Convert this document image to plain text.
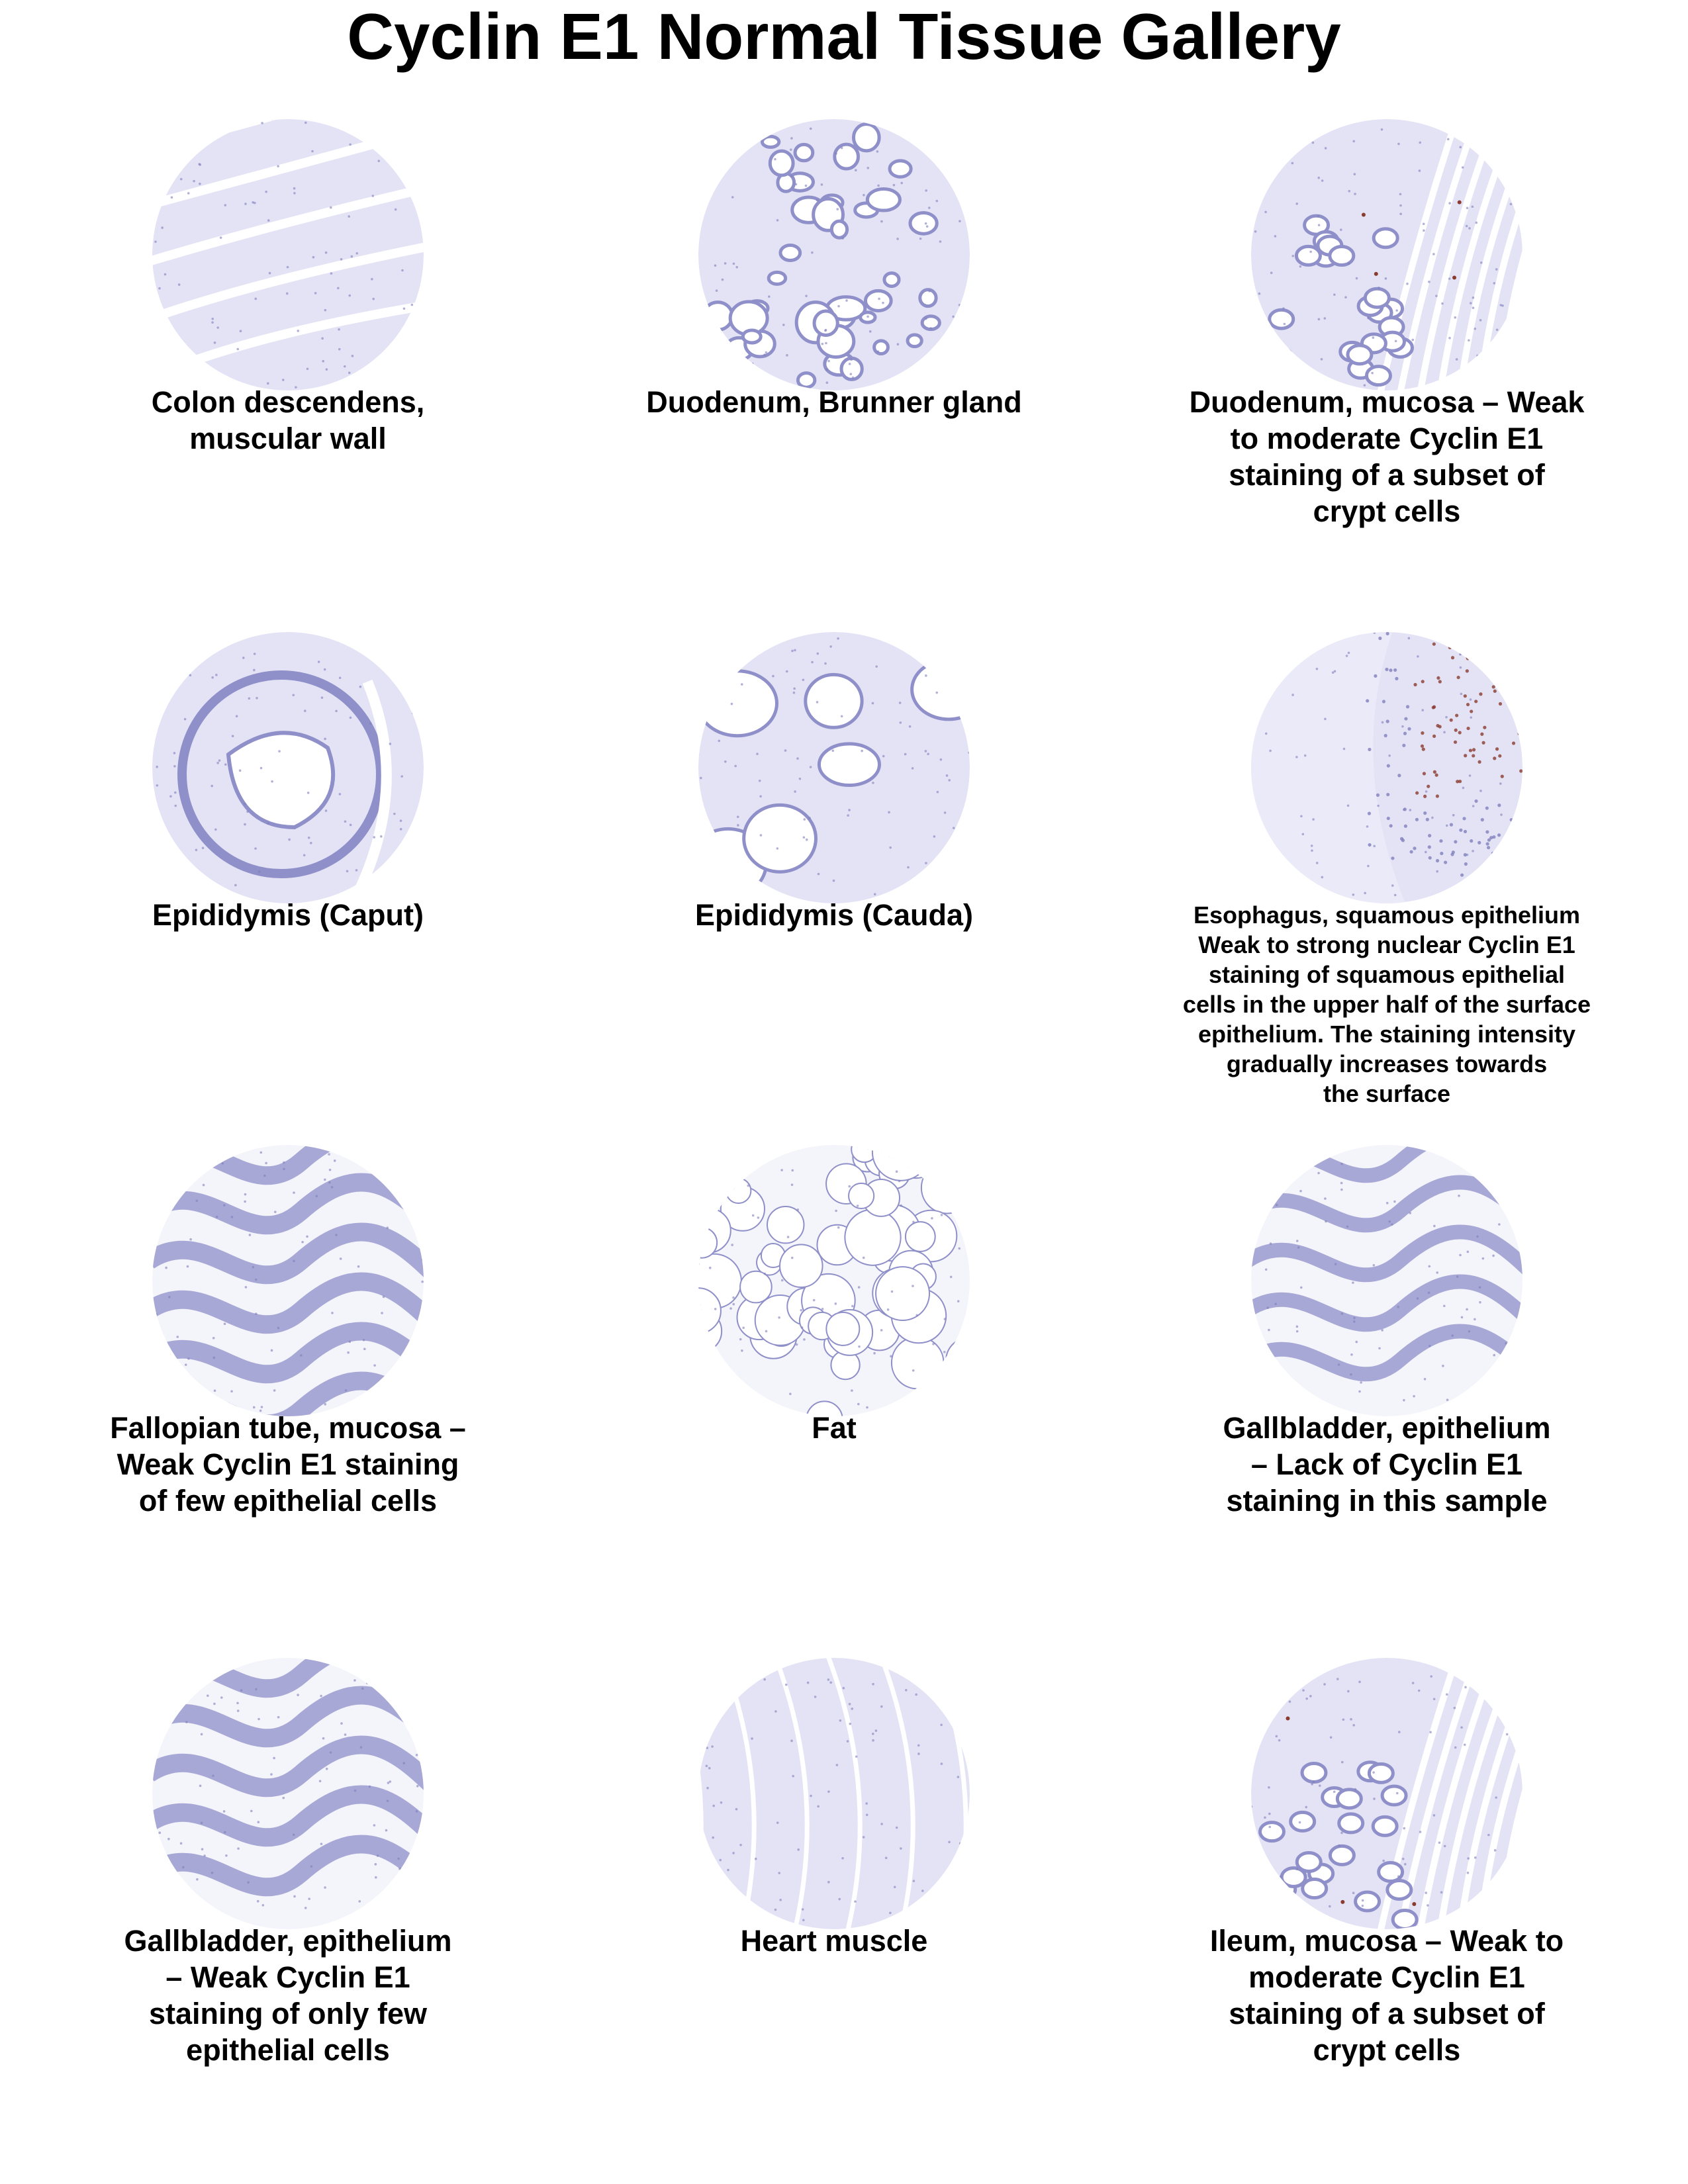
Cyclin E1 Normal Tissue Gallery
Colon descendens,
muscular wall
Duodenum, Brunner gland	Duodenum, mucosa – Weak
to moderate Cyclin E1
staining of a subset of
crypt cells
Epididymis (Caput)	Epididymis (Cauda)	Esophagus, squamous epithelium
Weak to strong nuclear Cyclin E1
staining of squamous epithelial
cells in the upper half of the surface
epithelium. The staining intensity
gradually increases towards
the surface
Fallopian tube, mucosa –
Weak Cyclin E1 staining
of few epithelial cells
Fat	Gallbladder, epithelium
– Lack of Cyclin E1
staining in this sample
Gallbladder, epithelium
– Weak Cyclin E1
staining of only few
epithelial cells
Heart muscle	Ileum, mucosa – Weak to
moderate Cyclin E1
staining of a subset of
crypt cells
